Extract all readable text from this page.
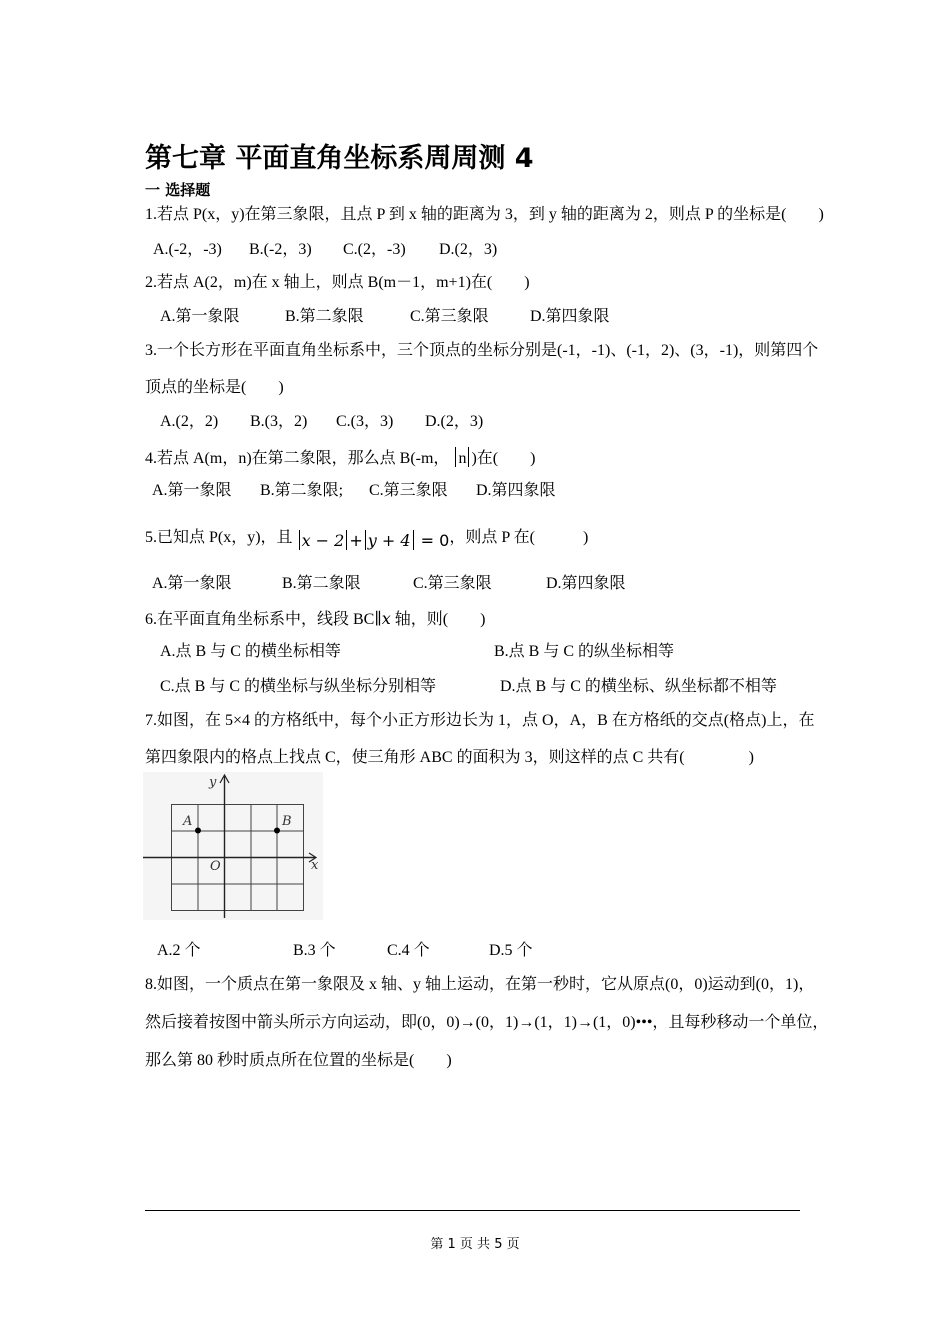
第七章 平面直角坐标系周周测 4
一 选择题
1.若点 P(x，y)在第三象限，且点 P 到 x 轴的距离为 3，到 y 轴的距离为 2，则点 P 的坐标是(　　)
A.(-2，-3) B.(-2，3) C.(2，-3) D.(2，3)
2.若点 A(2，m)在 x 轴上，则点 B(m－1，m+1)在(　　)
A.第一象限	B.第二象限	C.第三象限	D.第四象限
3.一个长方形在平面直角坐标系中，三个顶点的坐标分别是(-1，-1)、(-1，2)、(3，-1)，则第四个
顶点的坐标是(　　)
A.(2，2) B.(3，2) C.(3，3) D.(2，3)
4.若点 A(m，n)在第二象限，那么点 B(-m， n )在(　　)
A.第一象限 B.第二象限; C.第三象限 D.第四象限
5.已知点 P(x，y)，且 x − 2 + y + 4 = 0，则点 P 在(　　　)
A.第一象限	B.第二象限	C.第三象限	D.第四象限
6.在平面直角坐标系中，线段 BC∥x 轴，则(　　)
A.点 B 与 C 的横坐标相等	B.点 B 与 C 的纵坐标相等
C.点 B 与 C 的横坐标与纵坐标分别相等	D.点 B 与 C 的横坐标、纵坐标都不相等
7.如图，在 5×4 的方格纸中，每个小正方形边长为 1，点 O，A，B 在方格纸的交点(格点)上，在
第四象限内的格点上找点 C，使三角形 ABC 的面积为 3，则这样的点 C 共有(　　　　)
y
x
O
A	B
A.2 个	B.3 个	C.4 个	D.5 个
8.如图，一个质点在第一象限及 x 轴、y 轴上运动，在第一秒时，它从原点(0，0)运动到(0，1)，
然后接着按图中箭头所示方向运动，即(0，0)→(0，1)→(1，1)→(1，0)•••，且每秒移动一个单位，
那么第 80 秒时质点所在位置的坐标是(　　)
第 1 页 共 5 页
